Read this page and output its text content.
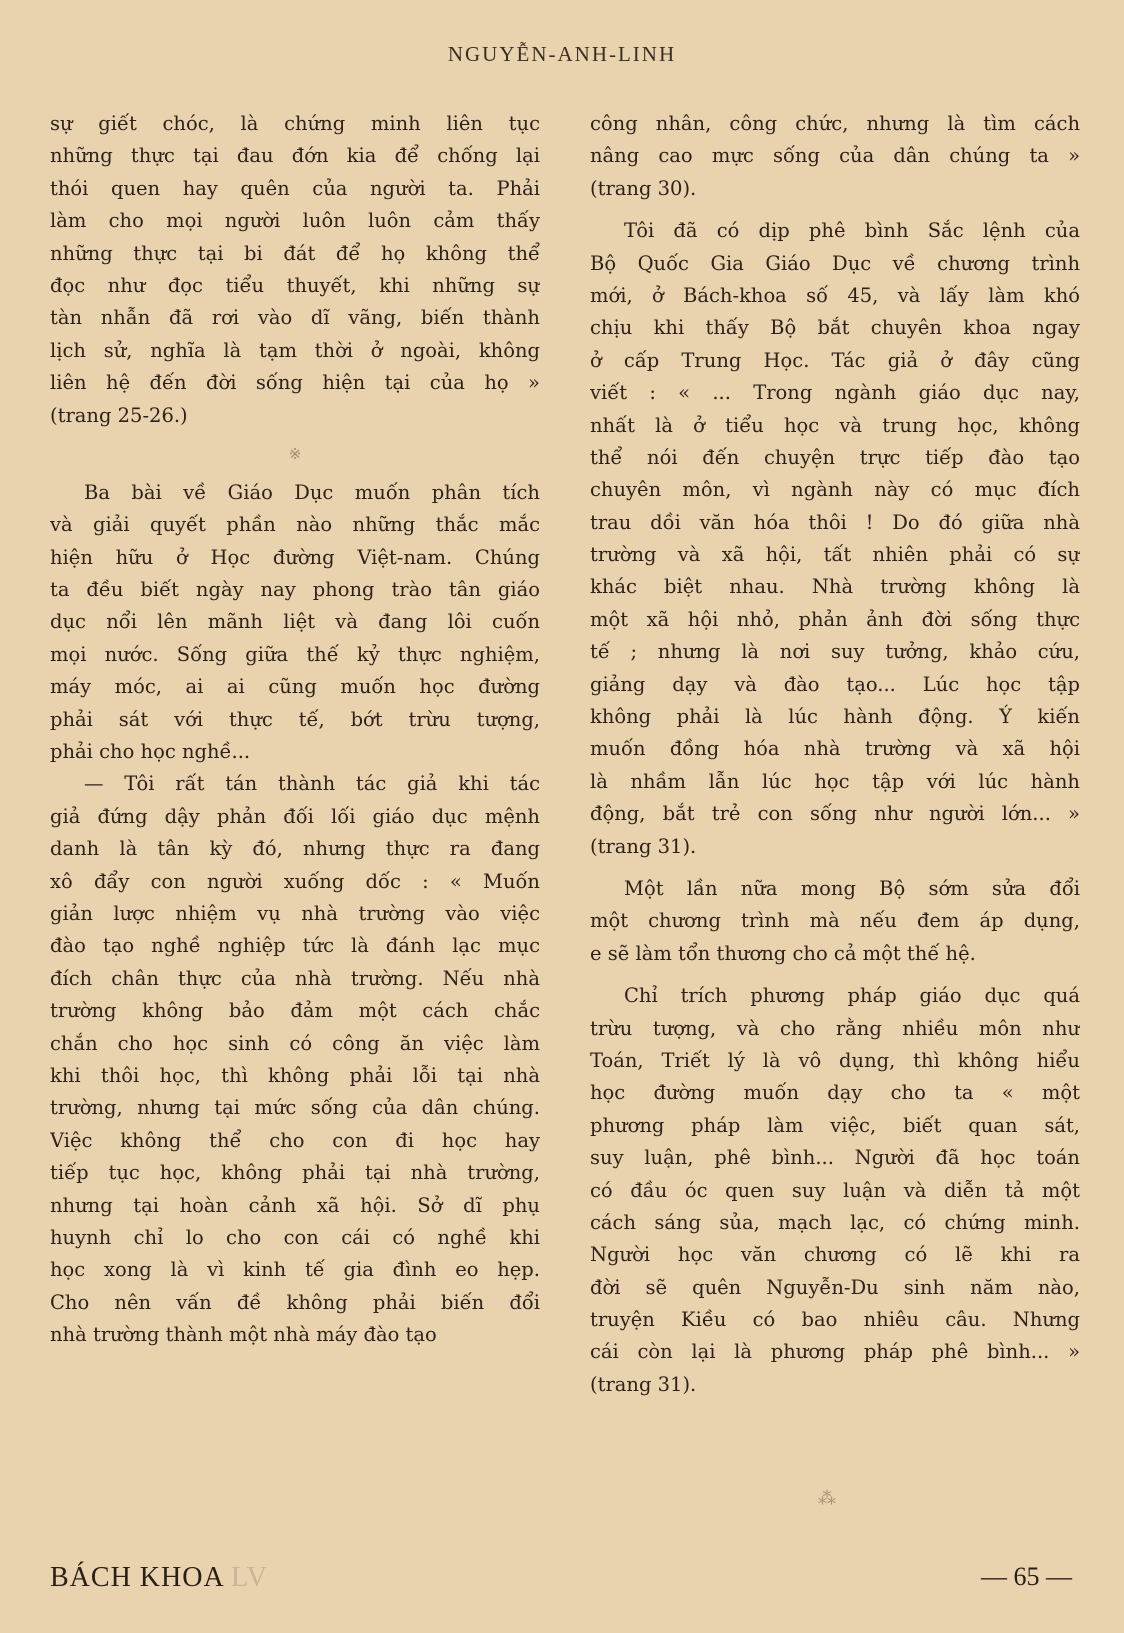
NGUYỄN-ANH-LINH
sự giết chóc, là chứng minh liên tục
những thực tại đau đớn kia để chống lại
thói quen hay quên của người ta. Phải
làm cho mọi người luôn luôn cảm thấy
những thực tại bi đát để họ không thể
đọc như đọc tiểu thuyết, khi những sự
tàn nhẫn đã rơi vào dĩ vãng, biến thành
lịch sử, nghĩa là tạm thời ở ngoài, không
liên hệ đến đời sống hiện tại của họ »
(trang 25-26.)
※
Ba bài về Giáo Dục muốn phân tích
và giải quyết phần nào những thắc mắc
hiện hữu ở Học đường Việt-nam. Chúng
ta đều biết ngày nay phong trào tân giáo
dục nổi lên mãnh liệt và đang lôi cuốn
mọi nước. Sống giữa thế kỷ thực nghiệm,
máy móc, ai ai cũng muốn học đường
phải sát với thực tế, bớt trừu tượng,
phải cho học nghề...
— Tôi rất tán thành tác giả khi tác
giả đứng dậy phản đối lối giáo dục mệnh
danh là tân kỳ đó, nhưng thực ra đang
xô đẩy con người xuống dốc : « Muốn
giản lược nhiệm vụ nhà trường vào việc
đào tạo nghề nghiệp tức là đánh lạc mục
đích chân thực của nhà trường. Nếu nhà
trường không bảo đảm một cách chắc
chắn cho học sinh có công ăn việc làm
khi thôi học, thì không phải lỗi tại nhà
trường, nhưng tại mức sống của dân chúng.
Việc không thể cho con đi học hay
tiếp tục học, không phải tại nhà trường,
nhưng tại hoàn cảnh xã hội. Sở dĩ phụ
huynh chỉ lo cho con cái có nghề khi
học xong là vì kinh tế gia đình eo hẹp.
Cho nên vấn đề không phải biến đổi
nhà trường thành một nhà máy đào tạo
công nhân, công chức, nhưng là tìm cách
nâng cao mực sống của dân chúng ta »
(trang 30).
Tôi đã có dịp phê bình Sắc lệnh của
Bộ Quốc Gia Giáo Dục về chương trình
mới, ở Bách-khoa số 45, và lấy làm khó
chịu khi thấy Bộ bắt chuyên khoa ngay
ở cấp Trung Học. Tác giả ở đây cũng
viết : « ... Trong ngành giáo dục nay,
nhất là ở tiểu học và trung học, không
thể nói đến chuyện trực tiếp đào tạo
chuyên môn, vì ngành này có mục đích
trau dồi văn hóa thôi ! Do đó giữa nhà
trường và xã hội, tất nhiên phải có sự
khác biệt nhau. Nhà trường không là
một xã hội nhỏ, phản ảnh đời sống thực
tế ; nhưng là nơi suy tưởng, khảo cứu,
giảng dạy và đào tạo... Lúc học tập
không phải là lúc hành động. Ý kiến
muốn đồng hóa nhà trường và xã hội
là nhầm lẫn lúc học tập với lúc hành
động, bắt trẻ con sống như người lớn... »
(trang 31).
Một lần nữa mong Bộ sớm sửa đổi
một chương trình mà nếu đem áp dụng,
e sẽ làm tổn thương cho cả một thế hệ.
Chỉ trích phương pháp giáo dục quá
trừu tượng, và cho rằng nhiều môn như
Toán, Triết lý là vô dụng, thì không hiểu
học đường muốn dạy cho ta « một
phương pháp làm việc, biết quan sát,
suy luận, phê bình... Người đã học toán
có đầu óc quen suy luận và diễn tả một
cách sáng sủa, mạch lạc, có chứng minh.
Người học văn chương có lẽ khi ra
đời sẽ quên Nguyễn-Du sinh năm nào,
truyện Kiều có bao nhiêu câu. Nhưng
cái còn lại là phương pháp phê bình... »
(trang 31).
⁂
BÁCH KHOA LV	— 65 —
